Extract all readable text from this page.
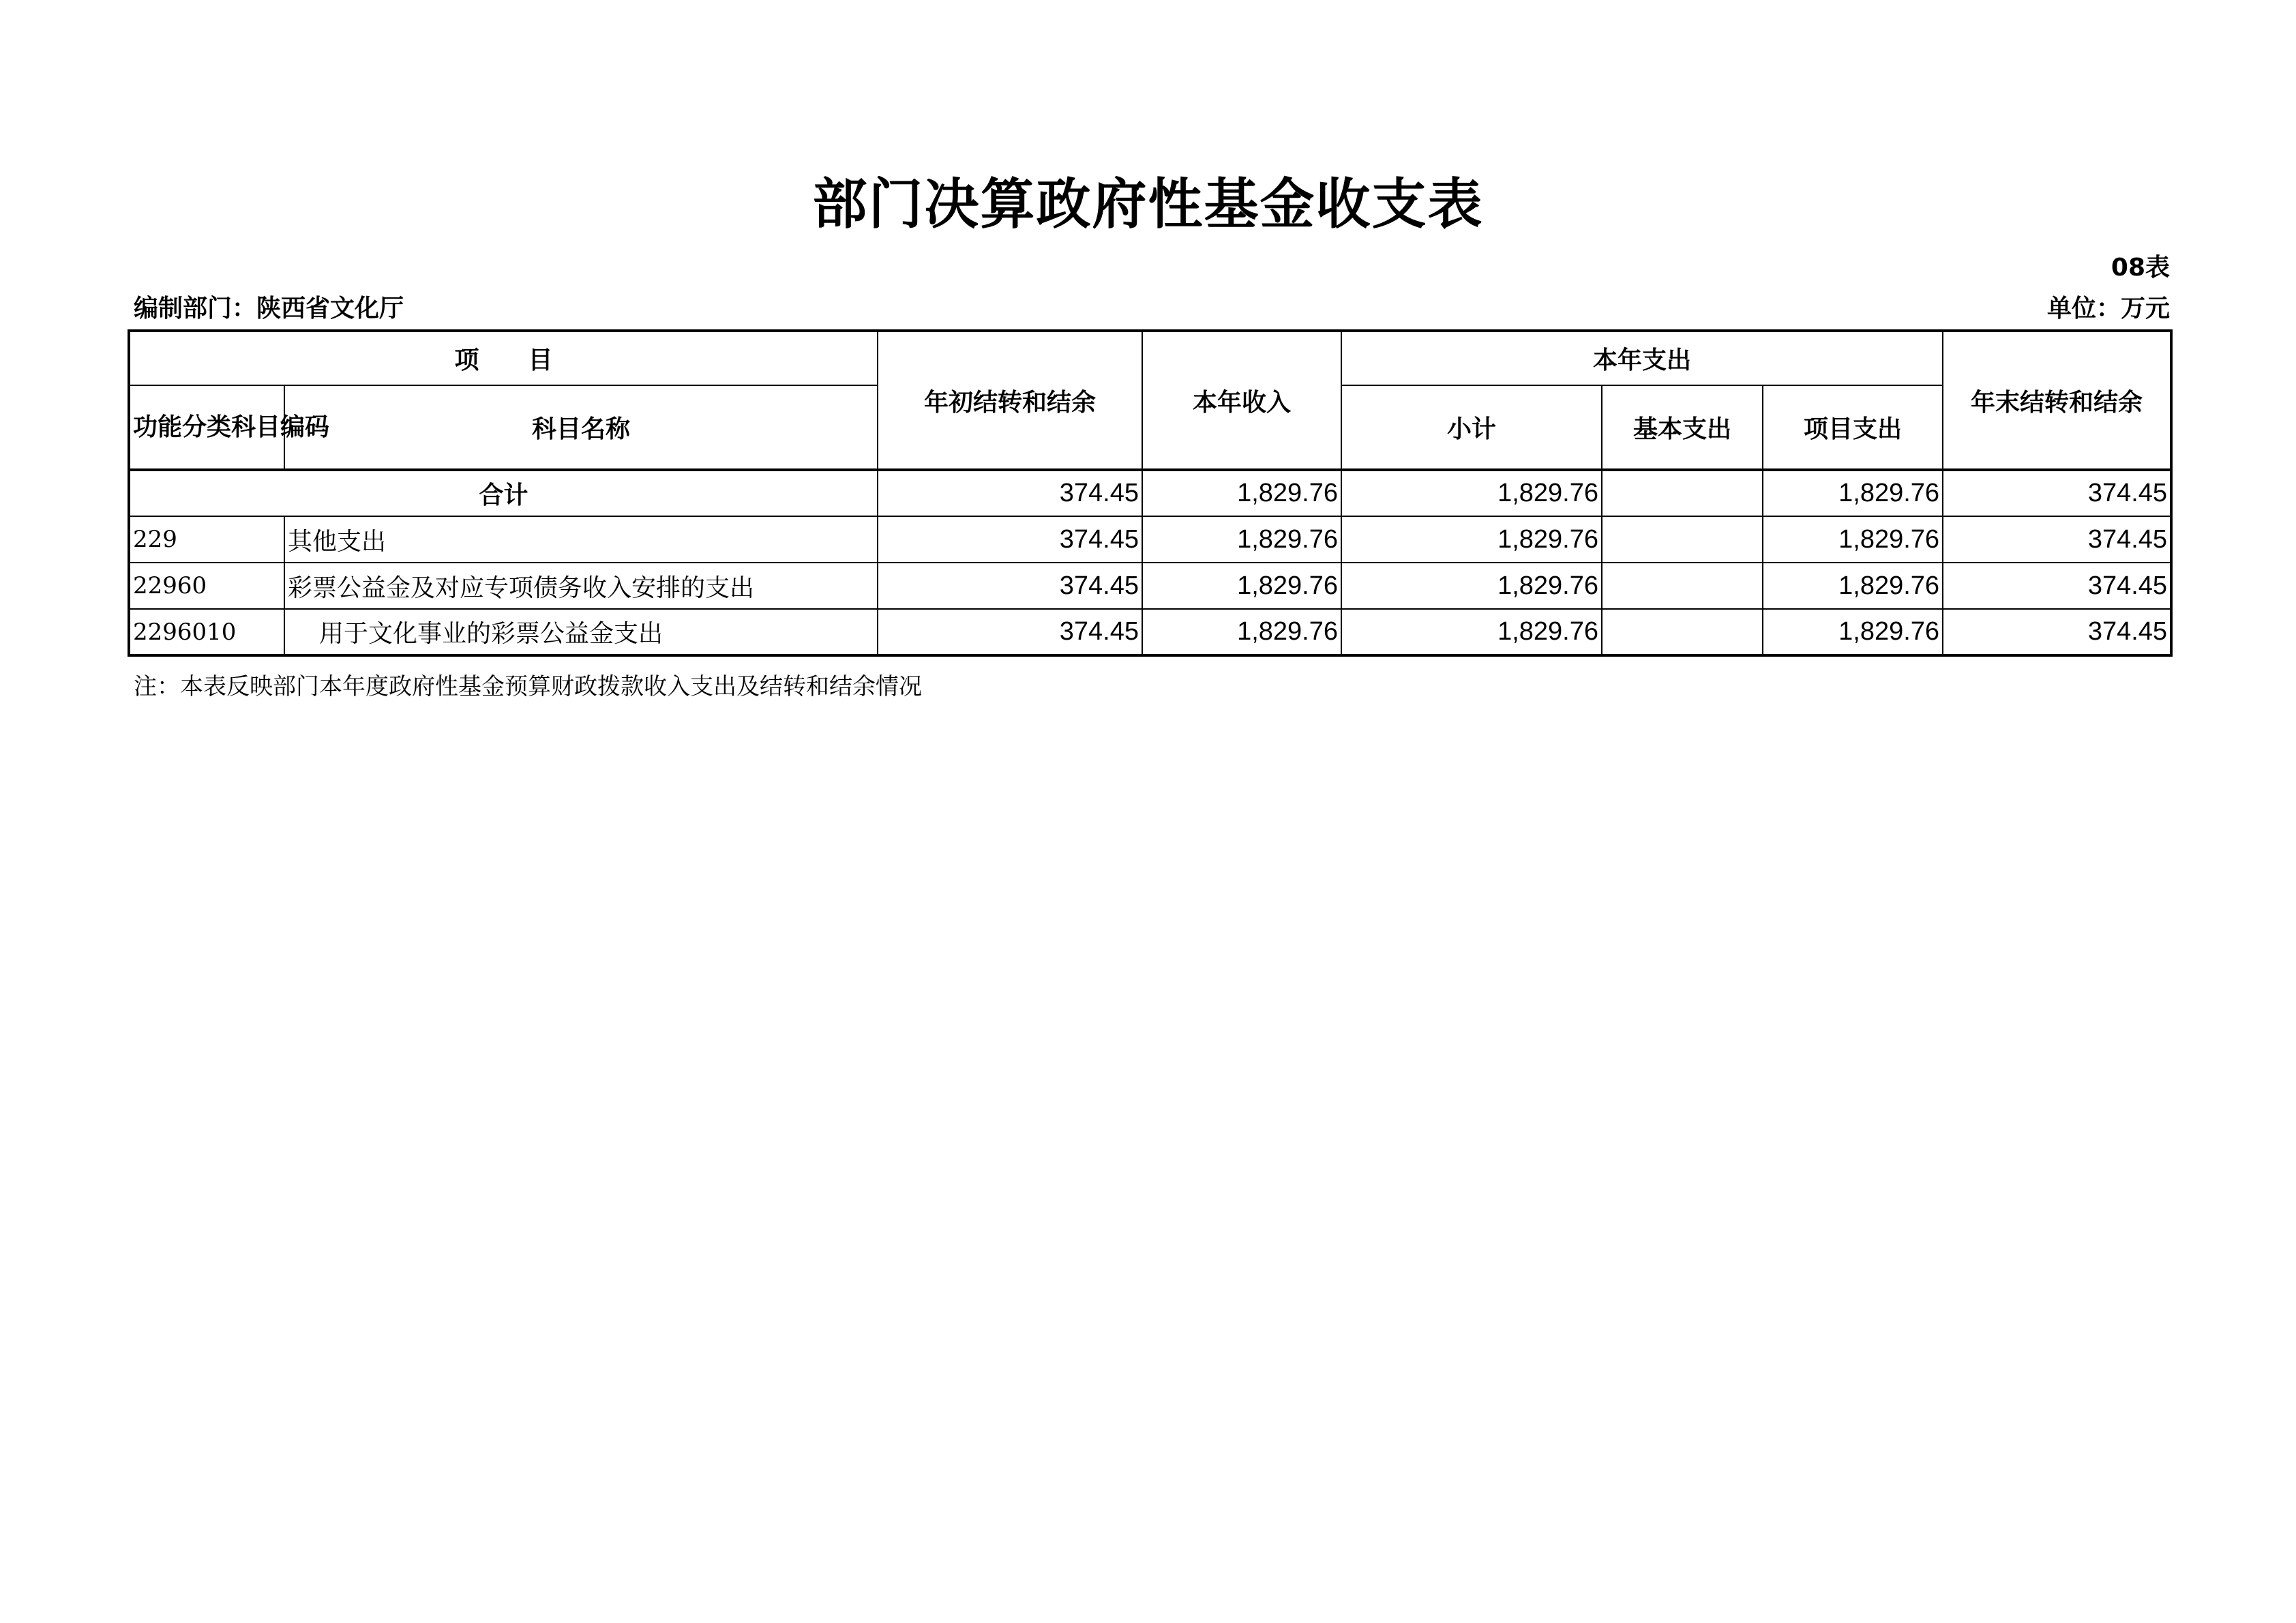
部门决算政府性基金收支表
08表
编制部门：陕西省文化厅	单位：万元
项　　目		年初结转和结余	本年收入	本年支出			年末结转和结余
功能分类科目编码	科目名称			小计	基本支出	项目支出	
合计		374.45	1,829.76	1,829.76		1,829.76	374.45
229	其他支出	374.45	1,829.76	1,829.76		1,829.76	374.45
22960	彩票公益金及对应专项债务收入安排的支出	374.45	1,829.76	1,829.76		1,829.76	374.45
2296010	用于文化事业的彩票公益金支出	374.45	1,829.76	1,829.76		1,829.76	374.45
注：本表反映部门本年度政府性基金预算财政拨款收入支出及结转和结余情况
